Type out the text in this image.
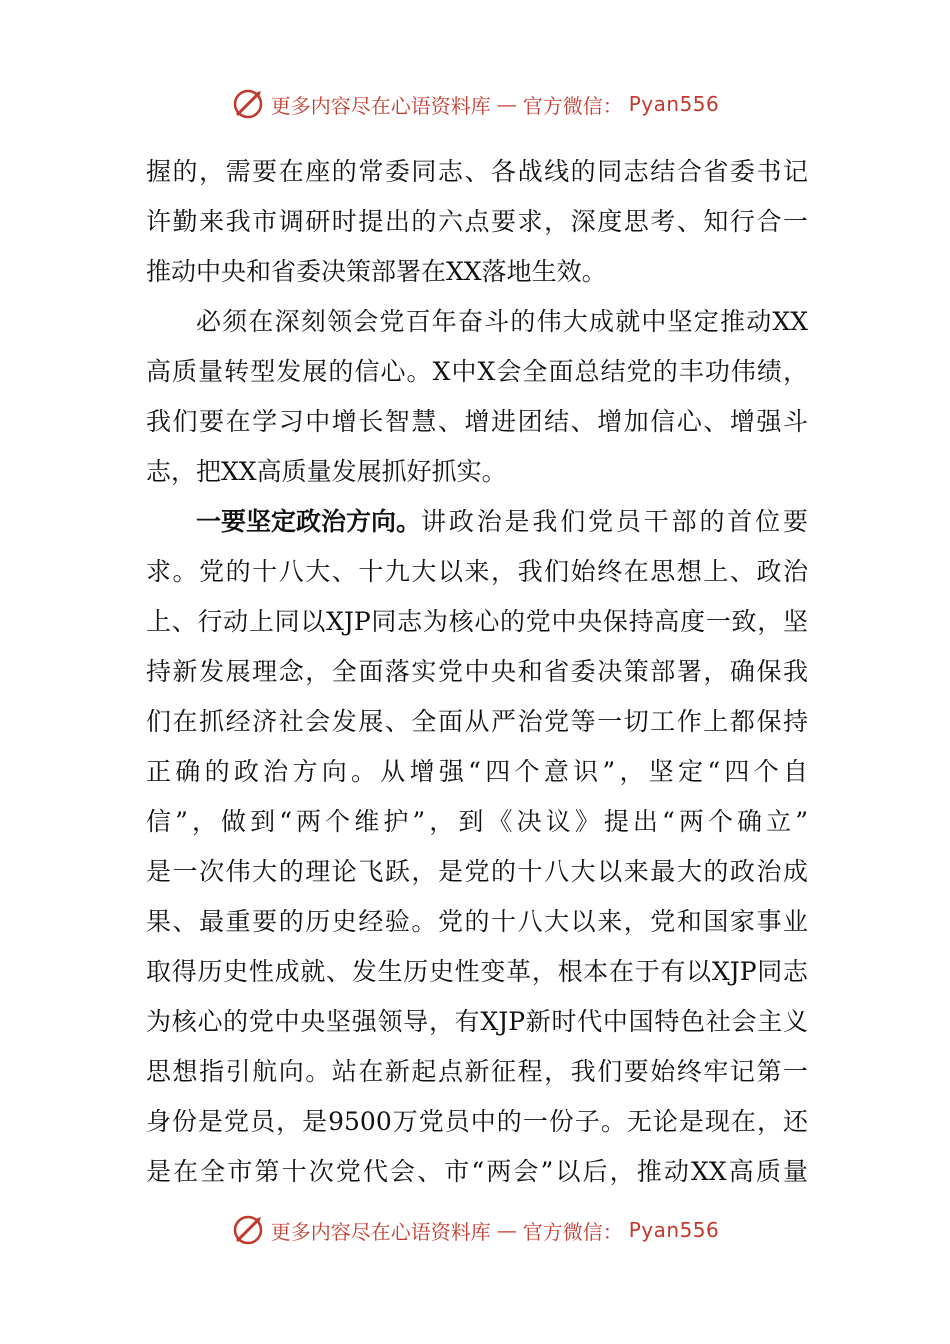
更多内容尽在心语资料库 — 官方微信： Pyan556
握的，需要在座的常委同志、各战线的同志结合省委书记
许勤来我市调研时提出的六点要求，深度思考、知行合一
推动中央和省委决策部署在XX落地生效。
必须在深刻领会党百年奋斗的伟大成就中坚定推动XX
高质量转型发展的信心。X中X会全面总结党的丰功伟绩，
我们要在学习中增长智慧、增进团结、增加信心、增强斗
志，把XX高质量发展抓好抓实。
一要坚定政治方向。 讲政治是我们党员干部的首位要
求。党的十八大、十九大以来，我们始终在思想上、政治
上、行动上同以XJP同志为核心的党中央保持高度一致，坚
持新发展理念，全面落实党中央和省委决策部署，确保我
们在抓经济社会发展、全面从严治党等一切工作上都保持
正确的政治方向。从增强“四个意识”，坚定“四个自
信”，做到“两个维护”，到《决议》提出“两个确立”
是一次伟大的理论飞跃，是党的十八大以来最大的政治成
果、最重要的历史经验。党的十八大以来，党和国家事业
取得历史性成就、发生历史性变革，根本在于有以XJP同志
为核心的党中央坚强领导，有XJP新时代中国特色社会主义
思想指引航向。站在新起点新征程，我们要始终牢记第一
身份是党员，是9500万党员中的一份子。无论是现在，还
是在全市第十次党代会、市“两会”以后，推动XX高质量
更多内容尽在心语资料库 — 官方微信： Pyan556
